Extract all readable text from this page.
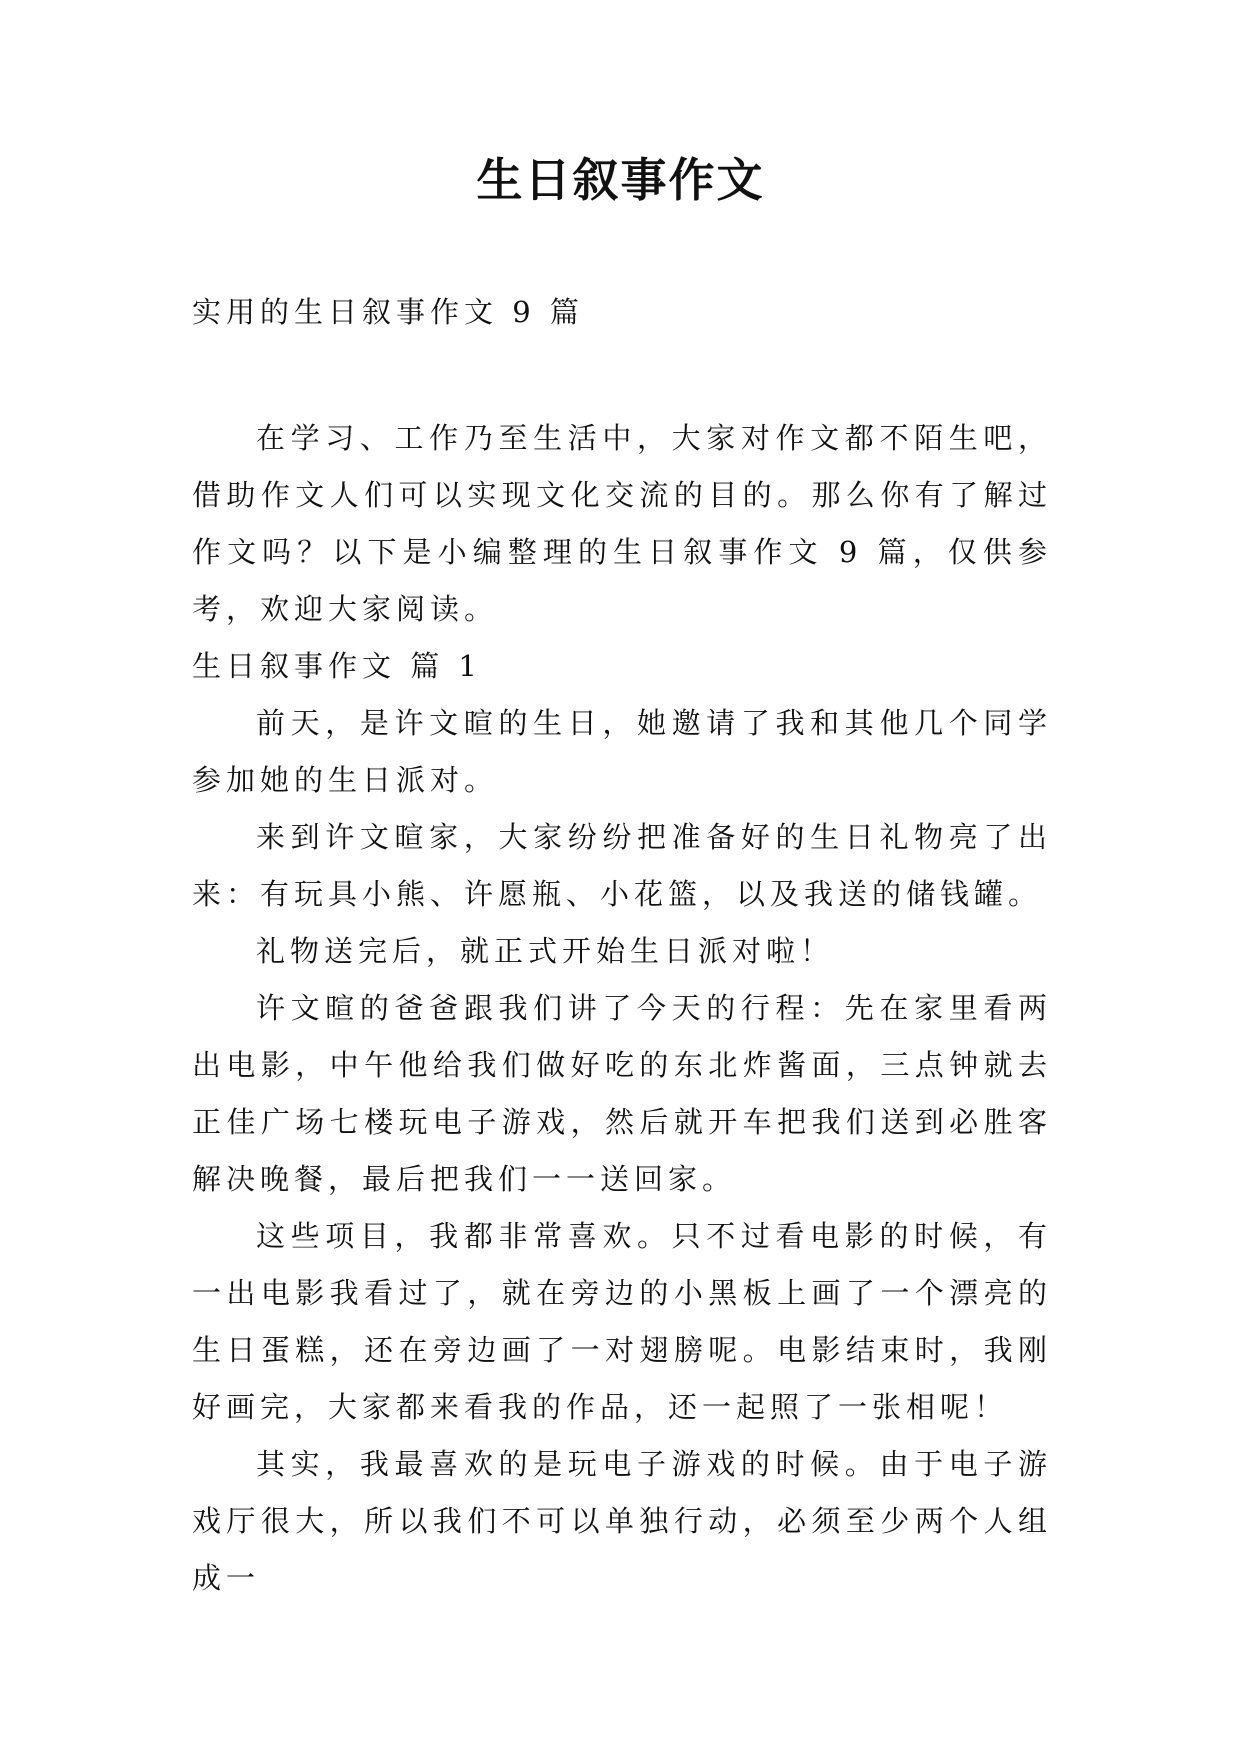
生日叙事作文
实用的生日叙事作文 9 篇

在学习、工作乃至生活中，大家对作文都不陌生吧，借助作文人们可以实现文化交流的目的。那么你有了解过作文吗？以下是小编整理的生日叙事作文 9 篇，仅供参考，欢迎大家阅读。

生日叙事作文 篇 1

前天，是许文暄的生日，她邀请了我和其他几个同学参加她的生日派对。

来到许文暄家，大家纷纷把准备好的生日礼物亮了出来：有玩具小熊、许愿瓶、小花篮，以及我送的储钱罐。

礼物送完后，就正式开始生日派对啦！

许文暄的爸爸跟我们讲了今天的行程：先在家里看两出电影，中午他给我们做好吃的东北炸酱面，三点钟就去正佳广场七楼玩电子游戏，然后就开车把我们送到必胜客解决晚餐，最后把我们一一送回家。

这些项目，我都非常喜欢。只不过看电影的时候，有一出电影我看过了，就在旁边的小黑板上画了一个漂亮的生日蛋糕，还在旁边画了一对翅膀呢。电影结束时，我刚好画完，大家都来看我的作品，还一起照了一张相呢！

其实，我最喜欢的是玩电子游戏的时候。由于电子游戏厅很大，所以我们不可以单独行动，必须至少两个人组成一
